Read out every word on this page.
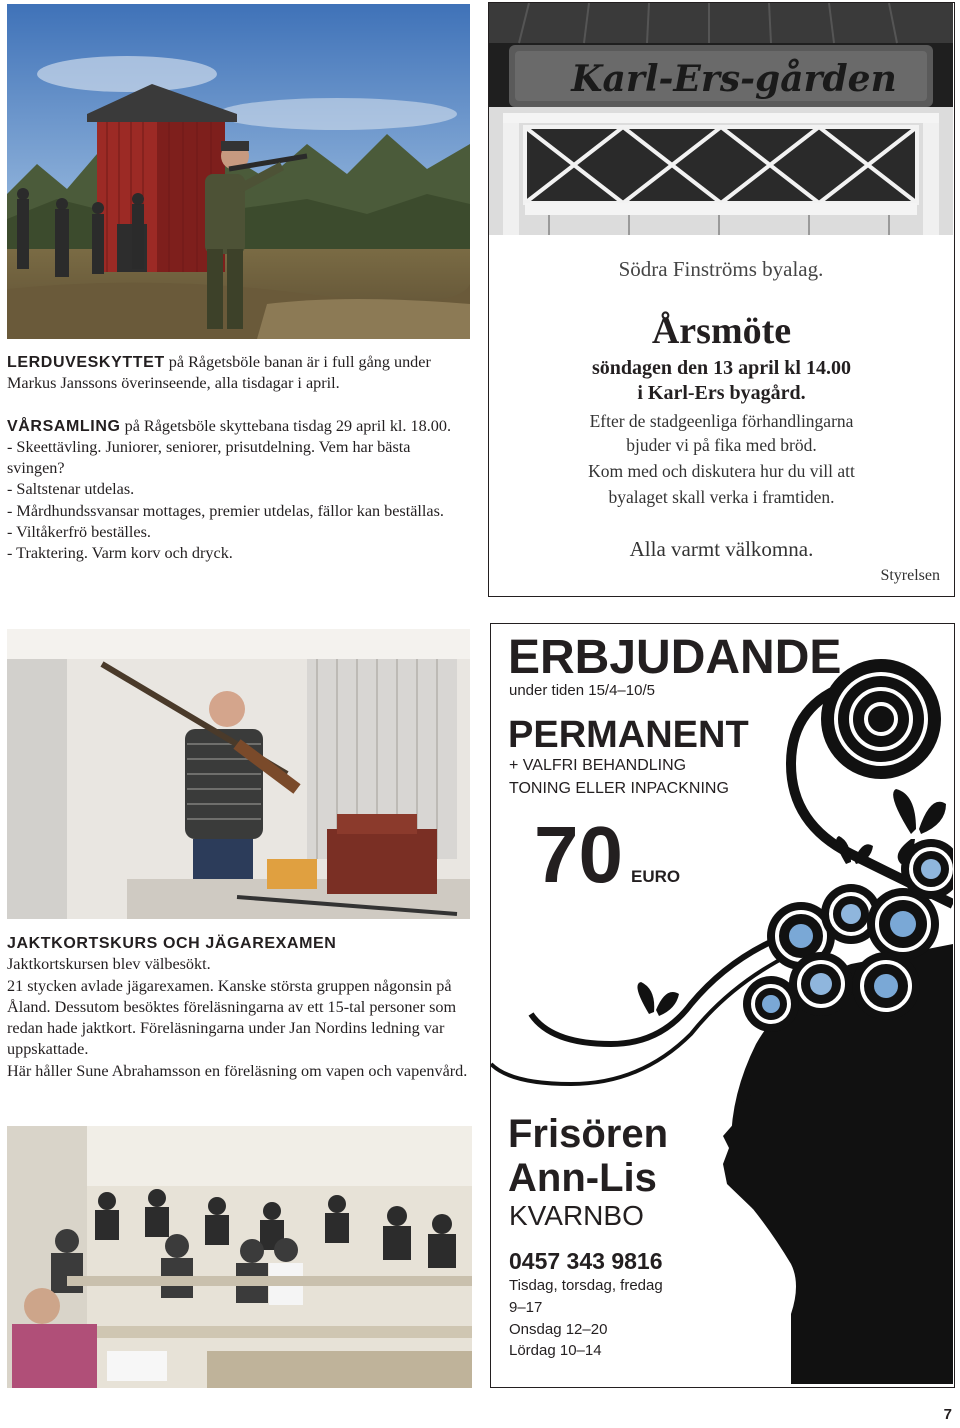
LERDUVESKYTTET på Rågetsböle banan är i full gång under Markus Janssons överinseende, alla tisdagar i april.

VÅRSAMLING på Rågetsböle skyttebana tisdag 29 april kl. 18.00.

- Skeettävling. Juniorer, seniorer, prisutdelning. Vem har bästa svingen?

- Saltstenar utdelas.

- Mårdhundssvansar mottages, premier utdelas, fällor kan beställas.

- Viltåkerfrö beställes.

- Traktering. Varm korv och dryck.

JAKTKORTSKURS OCH JÄGAREXAMEN

Jaktkortskursen blev välbesökt.

21 stycken avlade jägarexamen. Kanske största gruppen någonsin på Åland. Dessutom besöktes föreläsningarna av ett 15-tal personer som redan hade jaktkort. Föreläsningarna under Jan Nordins ledning var uppskattade.

Här håller Sune Abrahamsson en föreläsning om vapen och vapenvård.

Karl-Ers-gården
Södra Finströms byalag.
Årsmöte
söndagen den 13 april kl 14.00
i Karl-Ers byagård.
Efter de stadgeenliga förhandlingarna
bjuder vi på fika med bröd.
Kom med och diskutera hur du vill att
byalaget skall verka i framtiden.
Alla varmt välkomna.
Styrelsen
ERBJUDANDE
under tiden 15/4–10/5
PERMANENT
+ VALFRI BEHANDLING
TONING ELLER INPACKNING
70 EURO
Frisören
Ann-Lis
KVARNBO
0457 343 9816
Tisdag, torsdag, fredag
9–17
Onsdag 12–20
Lördag 10–14
7
